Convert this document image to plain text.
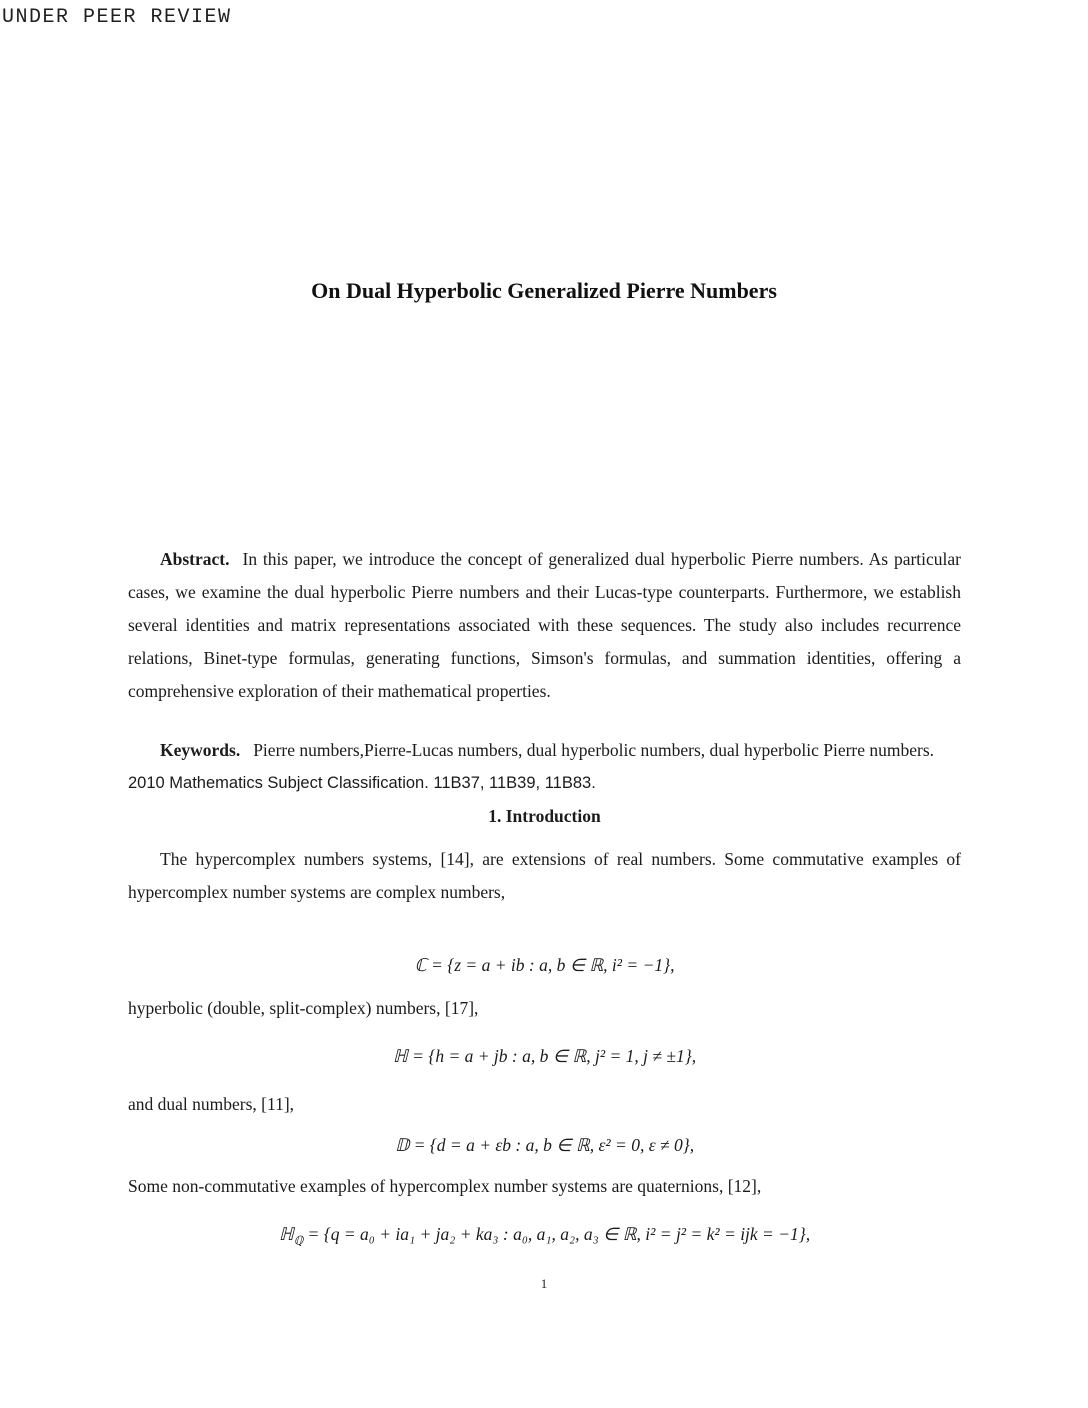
UNDER PEER REVIEW
On Dual Hyperbolic Generalized Pierre Numbers

Abstract. In this paper, we introduce the concept of generalized dual hyperbolic Pierre numbers. As particular cases, we examine the dual hyperbolic Pierre numbers and their Lucas-type counterparts. Furthermore, we establish several identities and matrix representations associated with these sequences. The study also includes recurrence relations, Binet-type formulas, generating functions, Simson's formulas, and summation identities, offering a comprehensive exploration of their mathematical properties.

Keywords. Pierre numbers,Pierre-Lucas numbers, dual hyperbolic numbers, dual hyperbolic Pierre numbers.

2010 Mathematics Subject Classification. 11B37, 11B39, 11B83.

1. Introduction

The hypercomplex numbers systems, [14], are extensions of real numbers. Some commutative examples of hypercomplex number systems are complex numbers,

ℂ = {z = a + ib : a, b ∈ ℝ, i² = −1},

hyperbolic (double, split-complex) numbers, [17],

ℍ = {h = a + jb : a, b ∈ ℝ, j² = 1, j ≠ ±1},

and dual numbers, [11],

𝔻 = {d = a + εb : a, b ∈ ℝ, ε² = 0, ε ≠ 0},

Some non-commutative examples of hypercomplex number systems are quaternions, [12],

ℍ$_ℚ$ = {q = a₀ + ia₁ + ja₂ + ka₃ : a₀, a₁, a₂, a₃ ∈ ℝ, i² = j² = k² = ijk = −1},
1
